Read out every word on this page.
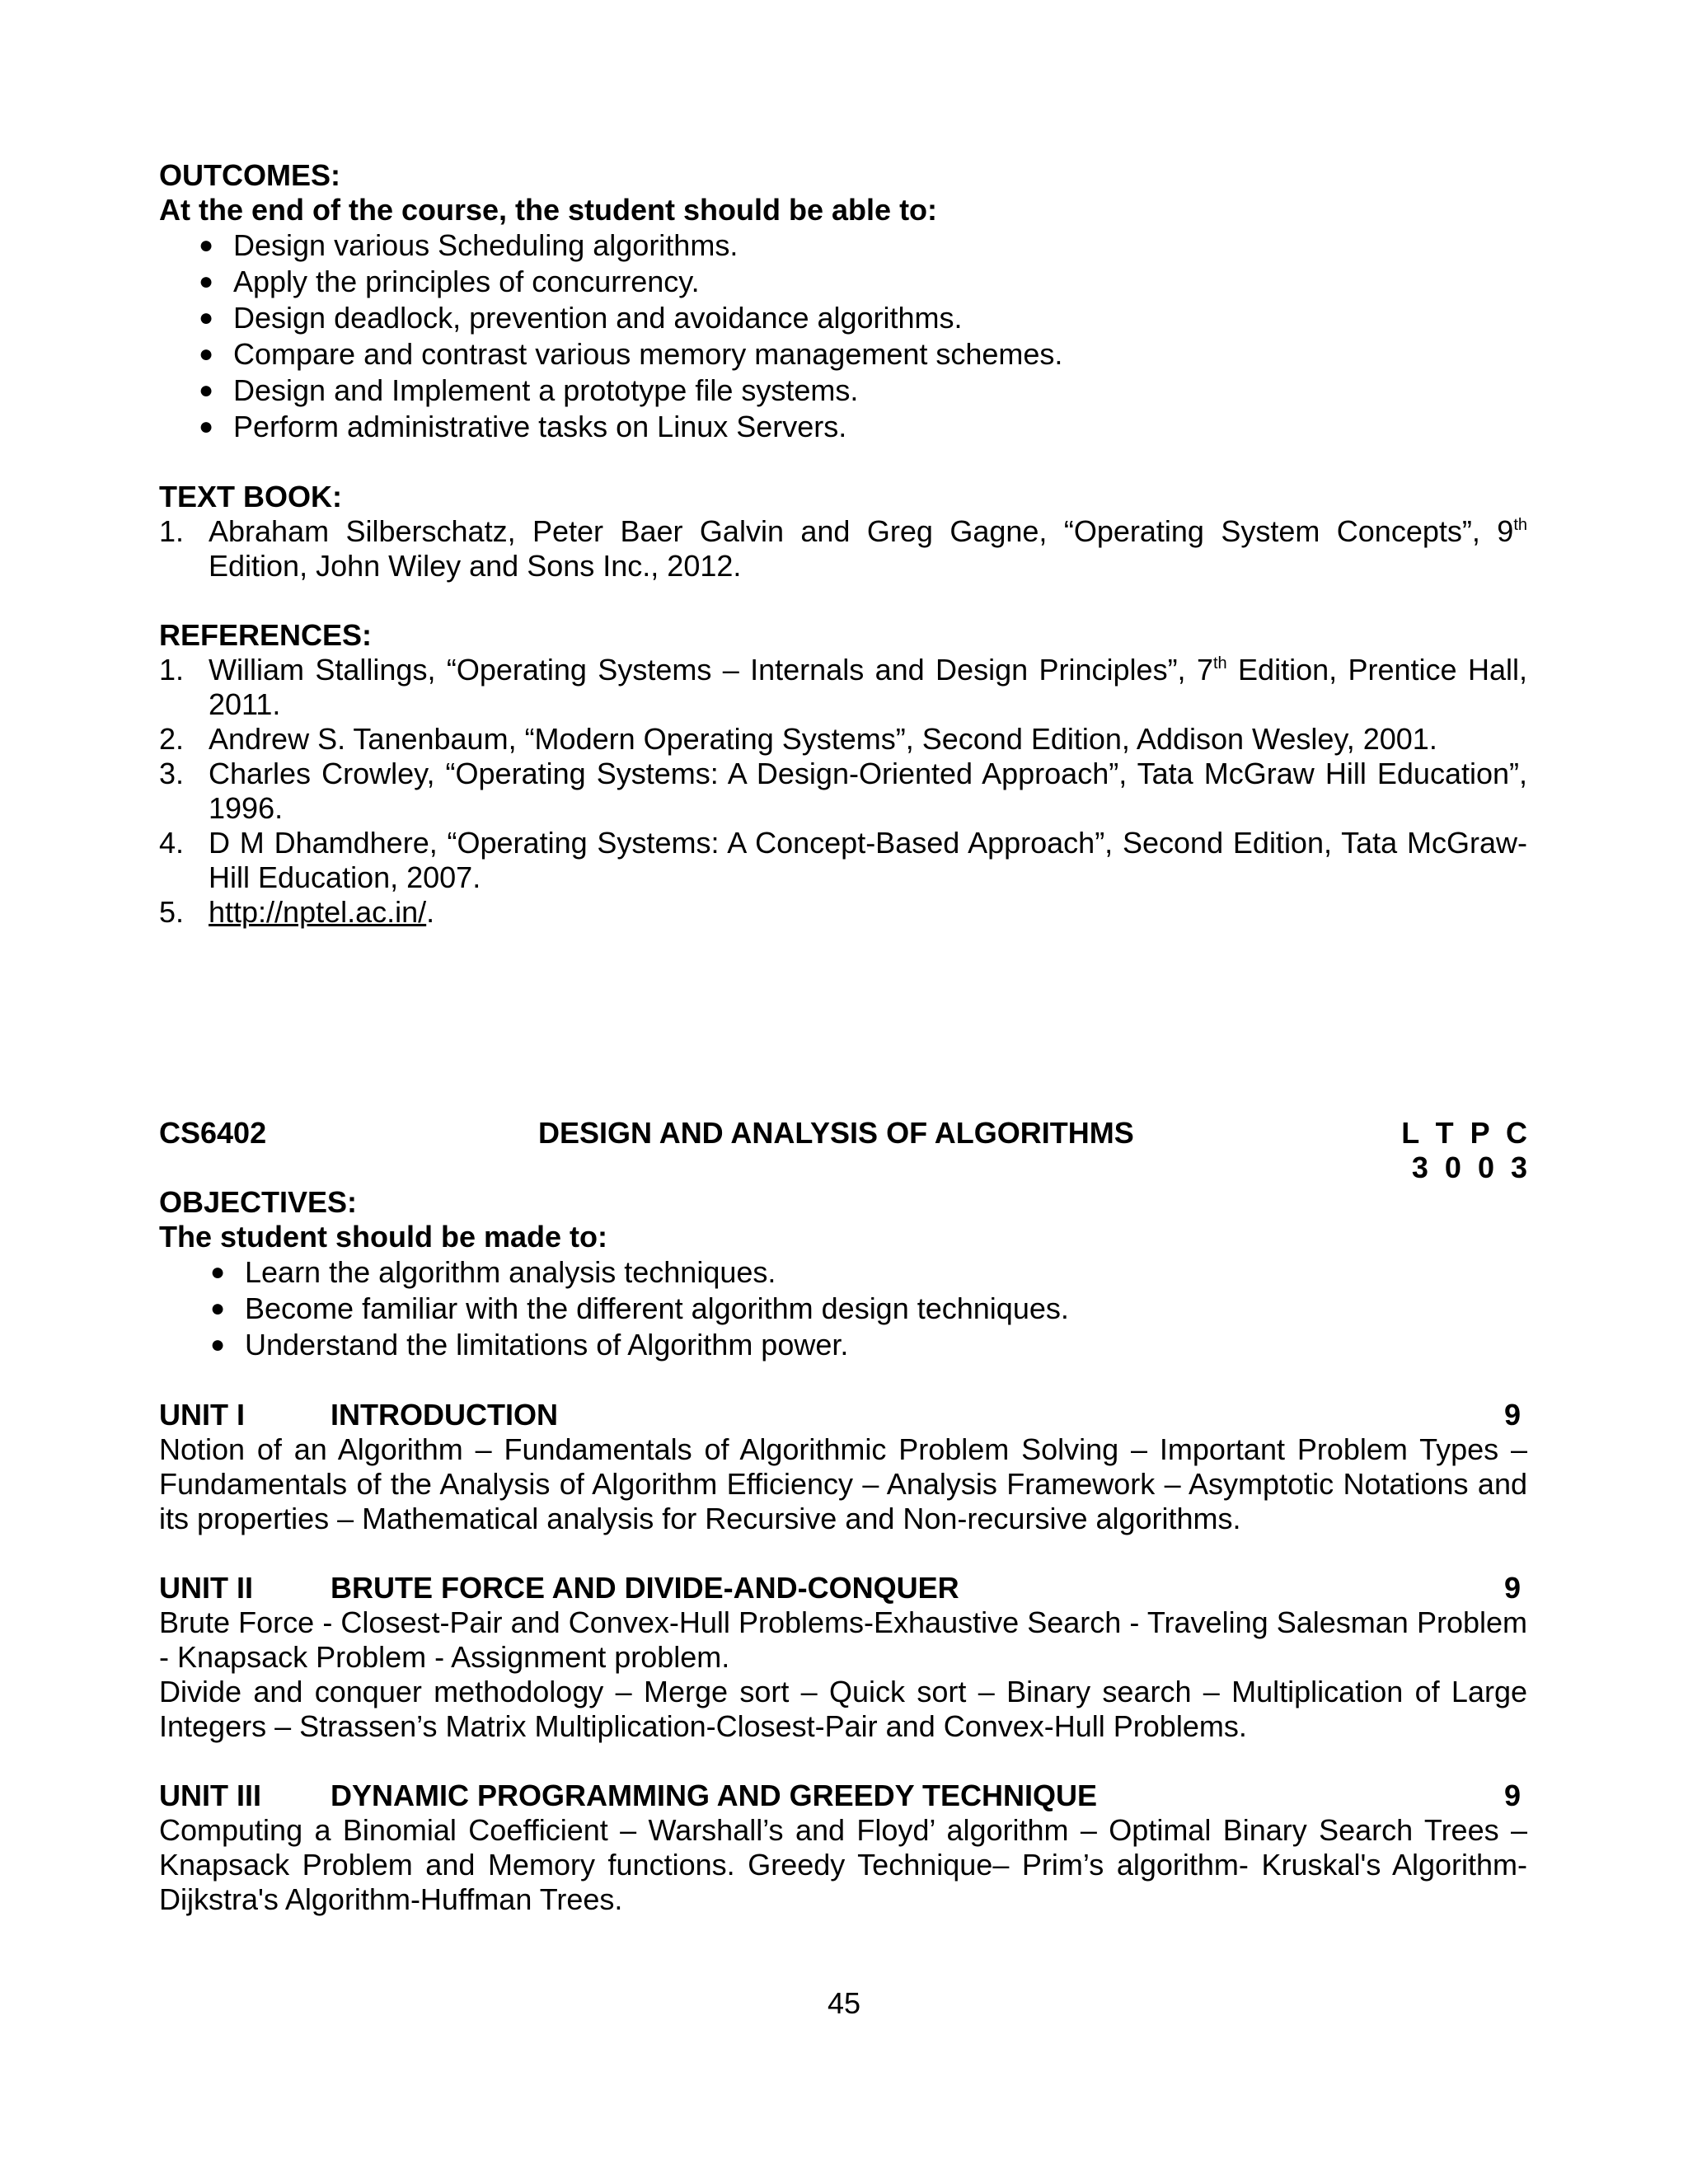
OUTCOMES:

At the end of the course, the student should be able to:

● Design various Scheduling algorithms.
● Apply the principles of concurrency.
● Design deadlock, prevention and avoidance algorithms.
● Compare and contrast various memory management schemes.
● Design and Implement a prototype file systems.
● Perform administrative tasks on Linux Servers.

TEXT BOOK:

1. Abraham Silberschatz, Peter Baer Galvin and Greg Gagne, “Operating System Concepts”, 9th Edition, John Wiley and Sons Inc., 2012.

REFERENCES:

1. William Stallings, “Operating Systems – Internals and Design Principles”, 7th Edition, Prentice Hall, 2011.
2. Andrew S. Tanenbaum, “Modern Operating Systems”, Second Edition, Addison Wesley, 2001.
3. Charles Crowley, “Operating Systems: A Design-Oriented Approach”, Tata McGraw Hill Education”, 1996.
4. D M Dhamdhere, “Operating Systems: A Concept-Based Approach”, Second Edition, Tata McGraw-Hill Education, 2007.
5. http://nptel.ac.in/.
CS6402	DESIGN AND ANALYSIS OF ALGORITHMS	L T P C
3 0 0 3

OBJECTIVES:

The student should be made to:

● Learn the algorithm analysis techniques.
● Become familiar with the different algorithm design techniques.
● Understand the limitations of Algorithm power.
UNIT I	INTRODUCTION	9

Notion of an Algorithm – Fundamentals of Algorithmic Problem Solving – Important Problem Types – Fundamentals of the Analysis of Algorithm Efficiency – Analysis Framework – Asymptotic Notations and its properties – Mathematical analysis for Recursive and Non-recursive algorithms.

UNIT II	BRUTE FORCE AND DIVIDE-AND-CONQUER	9

Brute Force - Closest-Pair and Convex-Hull Problems-Exhaustive Search - Traveling Salesman Problem - Knapsack Problem - Assignment problem.

Divide and conquer methodology – Merge sort – Quick sort – Binary search – Multiplication of Large Integers – Strassen’s Matrix Multiplication-Closest-Pair and Convex-Hull Problems.

UNIT III DYNAMIC PROGRAMMING AND GREEDY TECHNIQUE	9

Computing a Binomial Coefficient – Warshall’s and Floyd’ algorithm – Optimal Binary Search Trees – Knapsack Problem and Memory functions. Greedy Technique– Prim’s algorithm- Kruskal's Algorithm-Dijkstra's Algorithm-Huffman Trees.

45
